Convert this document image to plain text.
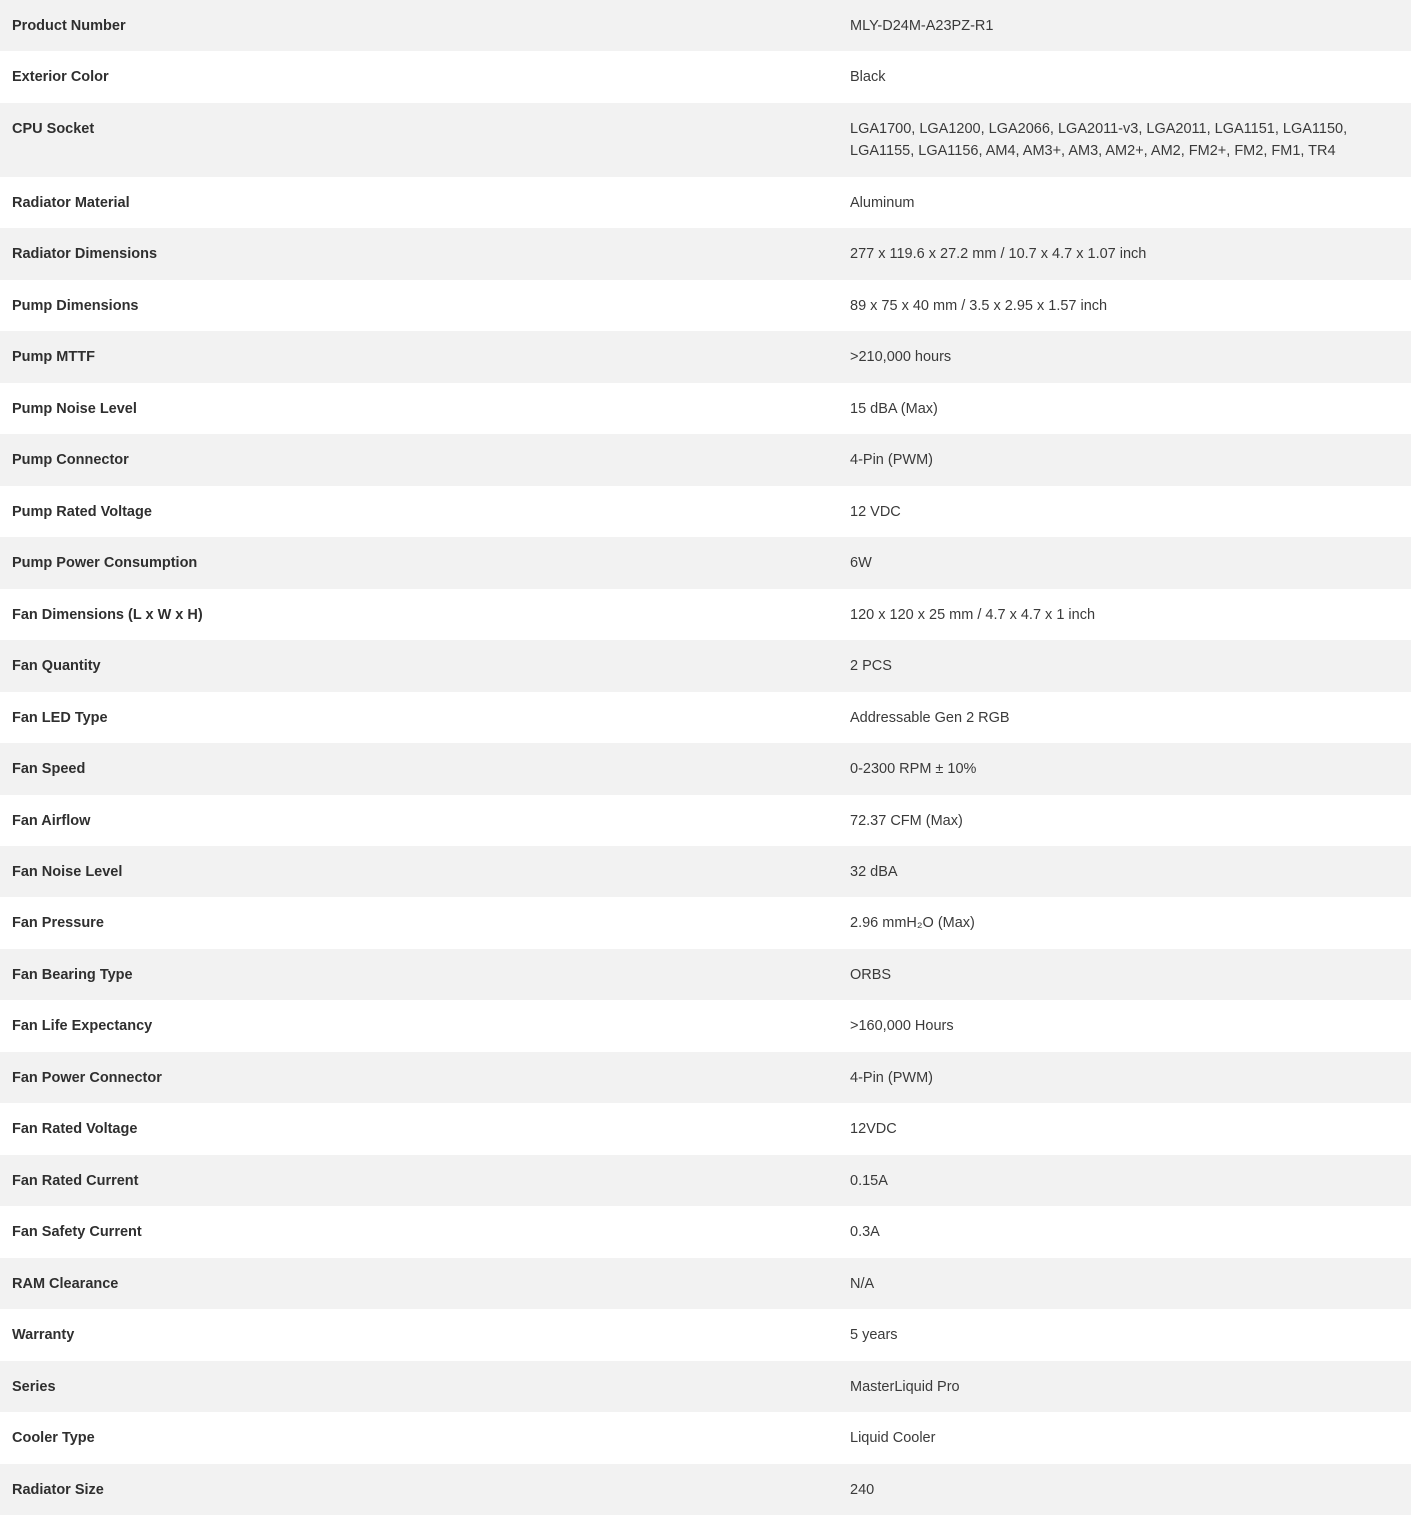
Product Number	MLY-D24M-A23PZ-R1
Exterior Color	Black
CPU Socket	LGA1700, LGA1200, LGA2066, LGA2011-v3, LGA2011, LGA1151, LGA1150, LGA1155, LGA1156, AM4, AM3+, AM3, AM2+, AM2, FM2+, FM2, FM1, TR4
Radiator Material	Aluminum
Radiator Dimensions	277 x 119.6 x 27.2 mm / 10.7 x 4.7 x 1.07 inch
Pump Dimensions	89 x 75 x 40 mm / 3.5 x 2.95 x 1.57 inch
Pump MTTF	>210,000 hours
Pump Noise Level	15 dBA (Max)
Pump Connector	4-Pin (PWM)
Pump Rated Voltage	12 VDC
Pump Power Consumption	6W
Fan Dimensions (L x W x H)	120 x 120 x 25 mm / 4.7 x 4.7 x 1 inch
Fan Quantity	2 PCS
Fan LED Type	Addressable Gen 2 RGB
Fan Speed	0-2300 RPM ± 10%
Fan Airflow	72.37 CFM (Max)
Fan Noise Level	32 dBA
Fan Pressure	2.96 mmH₂O (Max)
Fan Bearing Type	ORBS
Fan Life Expectancy	>160,000 Hours
Fan Power Connector	4-Pin (PWM)
Fan Rated Voltage	12VDC
Fan Rated Current	0.15A
Fan Safety Current	0.3A
RAM Clearance	N/A
Warranty	5 years
Series	MasterLiquid Pro
Cooler Type	Liquid Cooler
Radiator Size	240
